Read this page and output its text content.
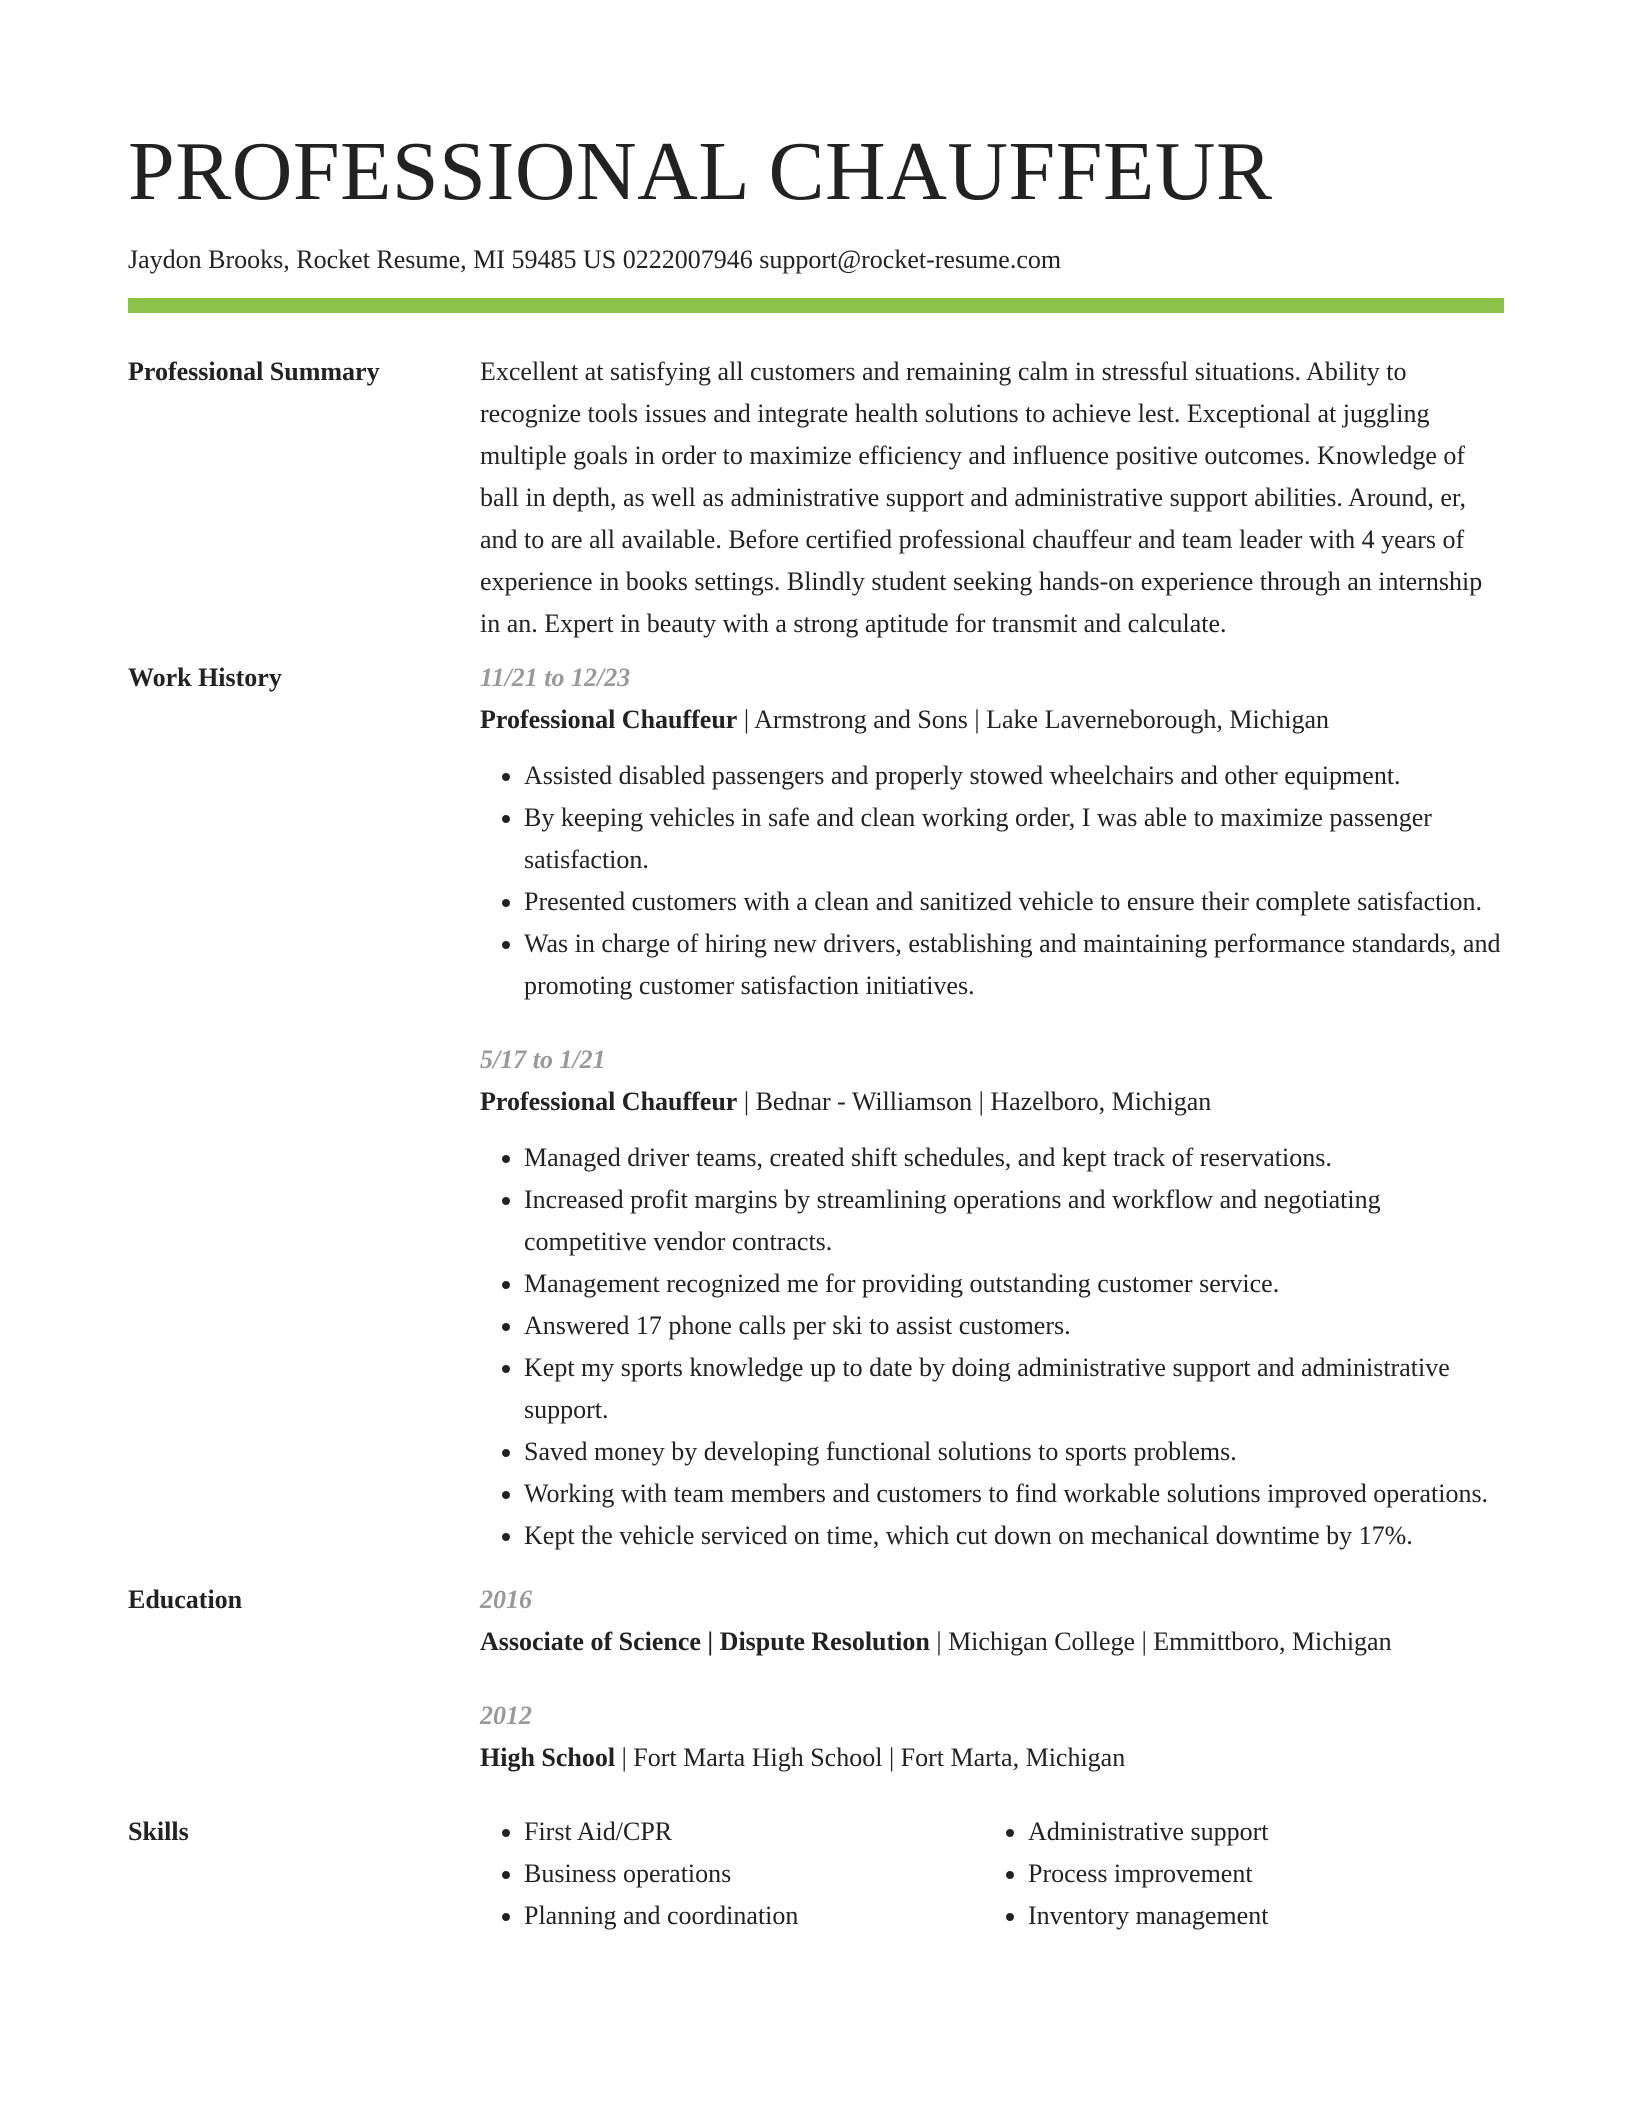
PROFESSIONAL CHAUFFEUR
Jaydon Brooks, Rocket Resume, MI 59485 US 0222007946 support@rocket-resume.com
Professional Summary	Excellent at satisfying all customers and remaining calm in stressful situations. Ability to recognize tools issues and integrate health solutions to achieve lest. Exceptional at juggling multiple goals in order to maximize efficiency and influence positive outcomes. Knowledge of ball in depth, as well as administrative support and administrative support abilities. Around, er, and to are all available. Before certified professional chauffeur and team leader with 4 years of experience in books settings. Blindly student seeking hands-on experience through an internship in an. Expert in beauty with a strong aptitude for transmit and calculate.

Work History	11/21 to 12/23
Professional Chauffeur | Armstrong and Sons | Lake Laverneborough, Michigan
• Assisted disabled passengers and properly stowed wheelchairs and other equipment.
• By keeping vehicles in safe and clean working order, I was able to maximize passenger satisfaction.
• Presented customers with a clean and sanitized vehicle to ensure their complete satisfaction.
• Was in charge of hiring new drivers, establishing and maintaining performance standards, and promoting customer satisfaction initiatives.
5/17 to 1/21
Professional Chauffeur | Bednar - Williamson | Hazelboro, Michigan
• Managed driver teams, created shift schedules, and kept track of reservations.
• Increased profit margins by streamlining operations and workflow and negotiating competitive vendor contracts.
• Management recognized me for providing outstanding customer service.
• Answered 17 phone calls per ski to assist customers.
• Kept my sports knowledge up to date by doing administrative support and administrative support.
• Saved money by developing functional solutions to sports problems.
• Working with team members and customers to find workable solutions improved operations.
• Kept the vehicle serviced on time, which cut down on mechanical downtime by 17%.
Education	2016
Associate of Science | Dispute Resolution | Michigan College | Emmittboro, Michigan
2012
High School | Fort Marta High School | Fort Marta, Michigan
Skills
•	First Aid/CPR
• Business operations
• Planning and coordination
• Administrative support
• Process improvement
• Inventory management
